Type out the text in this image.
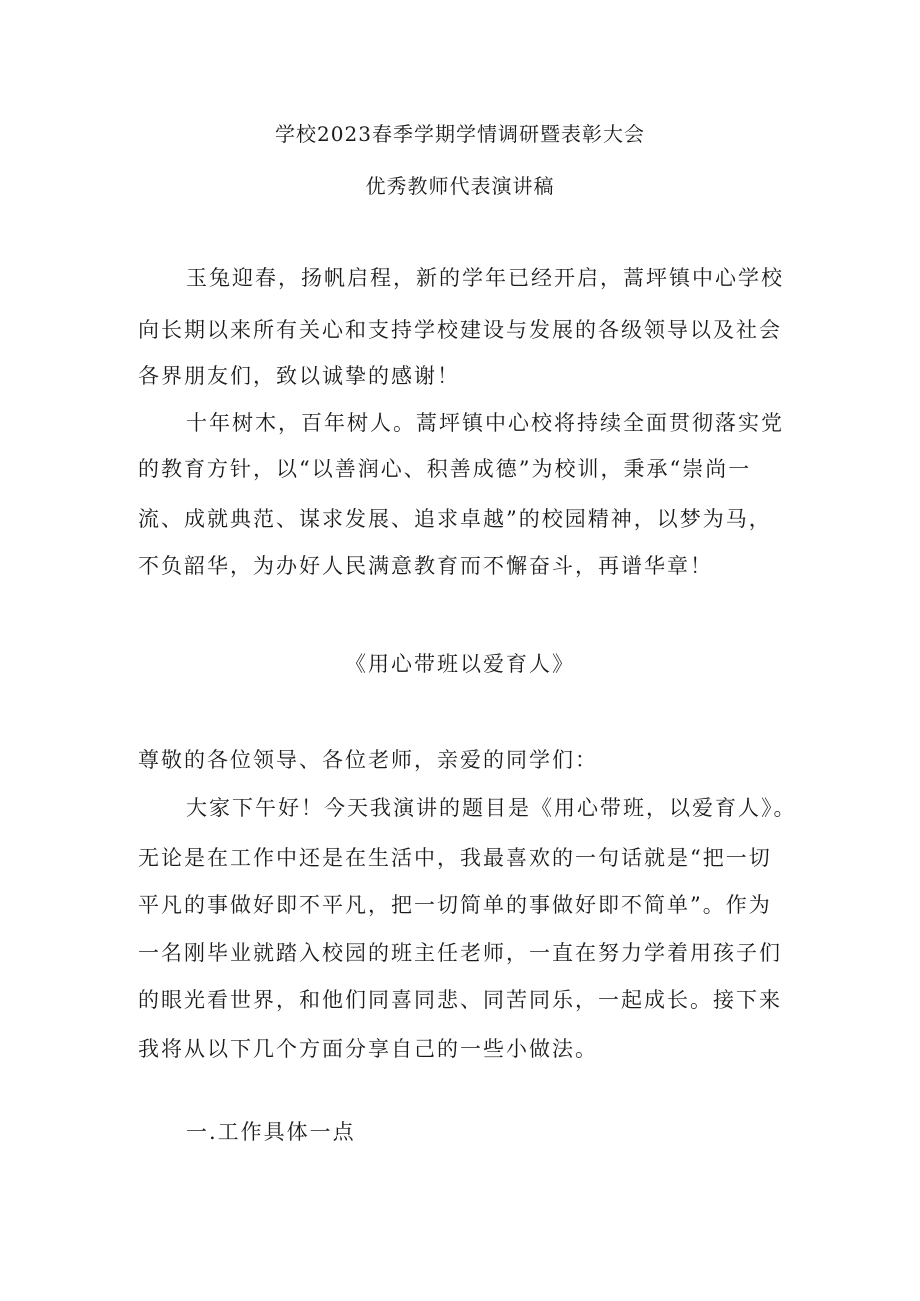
学校2023春季学期学情调研暨表彰大会
优秀教师代表演讲稿
玉兔迎春，扬帆启程，新的学年已经开启，蒿坪镇中心学校
向长期以来所有关心和支持学校建设与发展的各级领导以及社会
各界朋友们，致以诚挚的感谢！
十年树木，百年树人。蒿坪镇中心校将持续全面贯彻落实党
的教育方针，以“以善润心、积善成德”为校训，秉承“崇尚一
流、成就典范、谋求发展、追求卓越”的校园精神，以梦为马，
不负韶华，为办好人民满意教育而不懈奋斗，再谱华章！
《用心带班以爱育人》
尊敬的各位领导、各位老师，亲爱的同学们：
大家下午好！今天我演讲的题目是《用心带班，以爱育人》。
无论是在工作中还是在生活中，我最喜欢的一句话就是“把一切
平凡的事做好即不平凡，把一切简单的事做好即不简单”。作为
一名刚毕业就踏入校园的班主任老师，一直在努力学着用孩子们
的眼光看世界，和他们同喜同悲、同苦同乐，一起成长。接下来
我将从以下几个方面分享自己的一些小做法。
一.工作具体一点
